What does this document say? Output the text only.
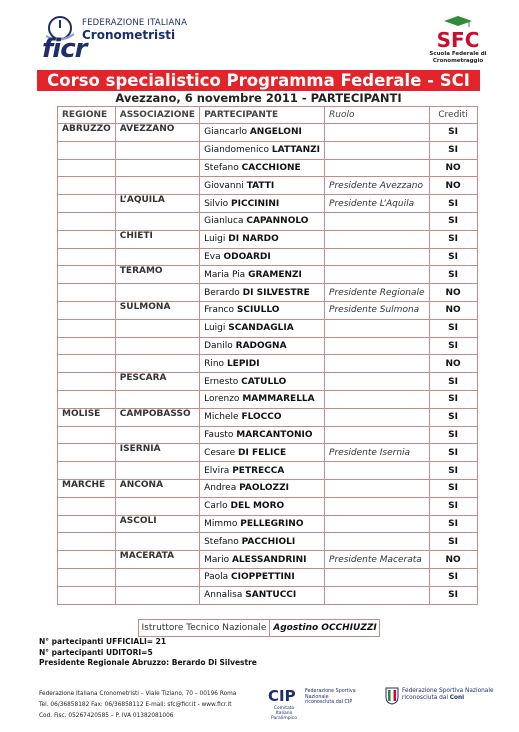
FEDERAZIONE ITALIANA
Cronometristi
ficr	SFC
Scuola Federale di
Cronometraggio
Corso specialistico Programma Federale - SCI
Avezzano, 6 novembre 2011 - PARTECIPANTI
REGIONE	ASSOCIAZIONE	PARTECIPANTE	Ruolo	Crediti
ABRUZZO	AVEZZANO	Giancarlo ANGELONI		SI
		Giandomenico LATTANZI		SI
		Stefano CACCHIONE		NO
		Giovanni TATTI	Presidente Avezzano	NO
	L’AQUILA	Silvio PICCININI	Presidente L’Aquila	SI
		Gianluca CAPANNOLO		SI
	CHIETI	Luigi DI NARDO		SI
		Eva ODOARDI		SI
	TERAMO	Maria Pia GRAMENZI		SI
		Berardo DI SILVESTRE	Presidente Regionale	NO
	SULMONA	Franco SCIULLO	Presidente Sulmona	NO
		Luigi SCANDAGLIA		SI
		Danilo RADOGNA		SI
		Rino LEPIDI		NO
	PESCARA	Ernesto CATULLO		SI
		Lorenzo MAMMARELLA		SI
MOLISE	CAMPOBASSO	Michele FLOCCO		SI
		Fausto MARCANTONIO		SI
	ISERNIA	Cesare DI FELICE	Presidente Isernia	SI
		Elvira PETRECCA		SI
MARCHE	ANCONA	Andrea PAOLOZZI		SI
		Carlo DEL MORO		SI
	ASCOLI	Mimmo PELLEGRINO		SI
		Stefano PACCHIOLI		SI
	MACERATA	Mario ALESSANDRINI	Presidente Macerata	NO
		Paola CIOPPETTINI		SI
		Annalisa SANTUCCI		SI
Istruttore Tecnico Nazionale Agostino OCCHIUZZI
N° partecipanti UFFICIALI= 21
N° partecipanti UDITORI=5
Presidente Regionale Abruzzo: Berardo Di Silvestre
Federazione Italiana Cronometristi – Viale Tiziano, 70 – 00196 Roma
Tel. 06/36858182 Fax: 06/36858112 E-mail: sfc@ficr.it - www.ficr.it
Cod. Fisc. 05267420585 – P. IVA 01382081006
CIP
Comitato Italiano Paralimpico
Federazione Sportiva
Nazionale
riconosciuta dal CIP
Federazione Sportiva Nazionale
riconosciuta dal Coni
